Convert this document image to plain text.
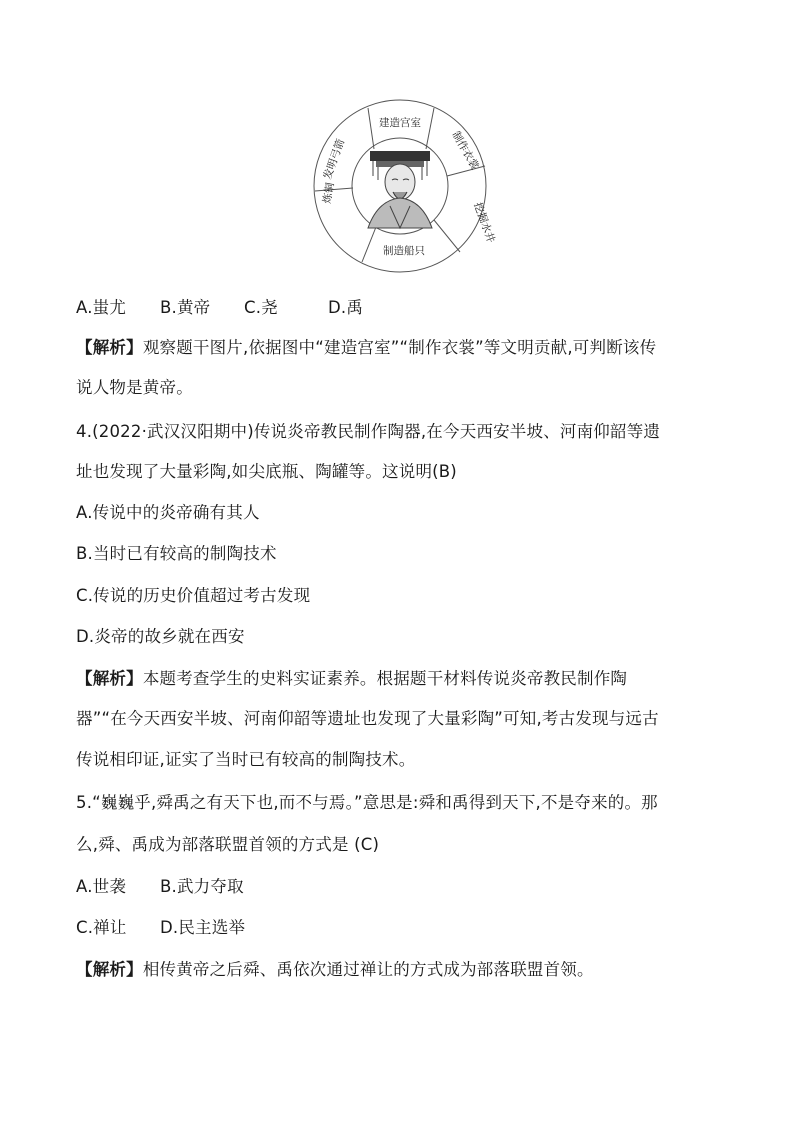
建造宫室
制造船只
制作衣裳
挖掘水井
炼铜
发明弓箭
A.蚩尤 B.黄帝 C.尧	D.禹
【解析】观察题干图片,依据图中“建造宫室”“制作衣裳”等文明贡献,可判断该传
说人物是黄帝。
4.(2022·武汉汉阳期中)传说炎帝教民制作陶器,在今天西安半坡、河南仰韶等遗
址也发现了大量彩陶,如尖底瓶、陶罐等。这说明(B)
A.传说中的炎帝确有其人
B.当时已有较高的制陶技术
C.传说的历史价值超过考古发现
D.炎帝的故乡就在西安
【解析】本题考查学生的史料实证素养。根据题干材料传说炎帝教民制作陶
器”“在今天西安半坡、河南仰韶等遗址也发现了大量彩陶”可知,考古发现与远古
传说相印证,证实了当时已有较高的制陶技术。
5.“巍巍乎,舜禹之有天下也,而不与焉。”意思是:舜和禹得到天下,不是夺来的。那
么,舜、禹成为部落联盟首领的方式是 (C)
A.世袭 B.武力夺取
C.禅让 D.民主选举
【解析】相传黄帝之后舜、禹依次通过禅让的方式成为部落联盟首领。
